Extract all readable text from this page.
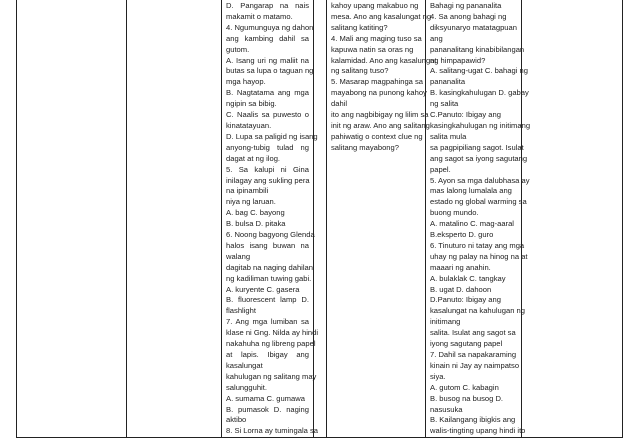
D. Pangarap na nais
makamit o matamo.
4. Ngumunguya ng dahon
ang kambing dahil sa
gutom.
A. Isang uri ng maliit na
butas sa lupa o taguan ng
mga hayop.
B. Nagtatama ang mga
ngipin sa bibig.
C. Naalis sa puwesto o
kinatatayuan.
D. Lupa sa paligid ng isang
anyong-tubig tulad ng
dagat at ng ilog.
5. Sa kalupi ni Gina
inilagay ang sukling pera
na ipinambili
niya ng laruan.
A. bag C. bayong
B. bulsa D. pitaka
6. Noong bagyong Glenda
halos isang buwan na
walang
dagitab na naging dahilan
ng kadiliman tuwing gabi.
A. kuryente C. gasera
B. fluorescent lamp D.
flashlight
7. Ang mga lumiban sa
klase ni Gng. Nilda ay hindi
nakahuha ng libreng papel
at lapis. Ibigay ang
kasalungat
kahulugan ng salitang may
salungguhit.
A. sumama C. gumawa
B. pumasok D. naging
aktibo
8. Si Lorna ay tumingala sa

kahoy upang makabuo ng
mesa. Ano ang kasalungat ng
salitang katiting?
4. Mali ang maging tuso sa
kapuwa natin sa oras ng
kalamidad. Ano ang kasalungat
ng salitang tuso?
5. Masarap magpahinga sa
mayabong na punong kahoy
dahil
ito ang nagbibigay ng lilim sa
init ng araw. Ano ang salitang
pahiwatig o context clue ng
salitang mayabong?

Bahagi ng pananalita
4. Sa anong bahagi ng
diksyunaryo matatagpuan
ang
pananalitang kinabibilangan
ng himpapawid?
A. salitang-ugat C. bahagi ng
pananalita
B. kasingkahulugan D. gabay
ng salita
C.Panuto: Ibigay ang
kasingkahulugan ng initimang
salita mula
sa pagpipiliang sagot. Isulat
ang sagot sa iyong sagutang
papel.
5. Ayon sa mga dalubhasa ay
mas lalong lumalala ang
estado ng global warming sa
buong mundo.
A. matalino C. mag-aaral
B.eksperto D. guro
6. Tinuturo ni tatay ang mga
uhay ng palay na hinog na at
maaari ng anahin.
A. bulaklak C. tangkay
B. ugat D. dahoon
D.Panuto: Ibigay ang
kasalungat na kahulugan ng
initimang
salita. Isulat ang sagot sa
iyong sagutang papel
7. Dahil sa napakaraming
kinain ni Jay ay naimpatso
siya.
A. gutom C. kabagin
B. busog na busog D.
nasusuka
B. Kailangang ibigkis ang
walis-tingting upang hindi ito
